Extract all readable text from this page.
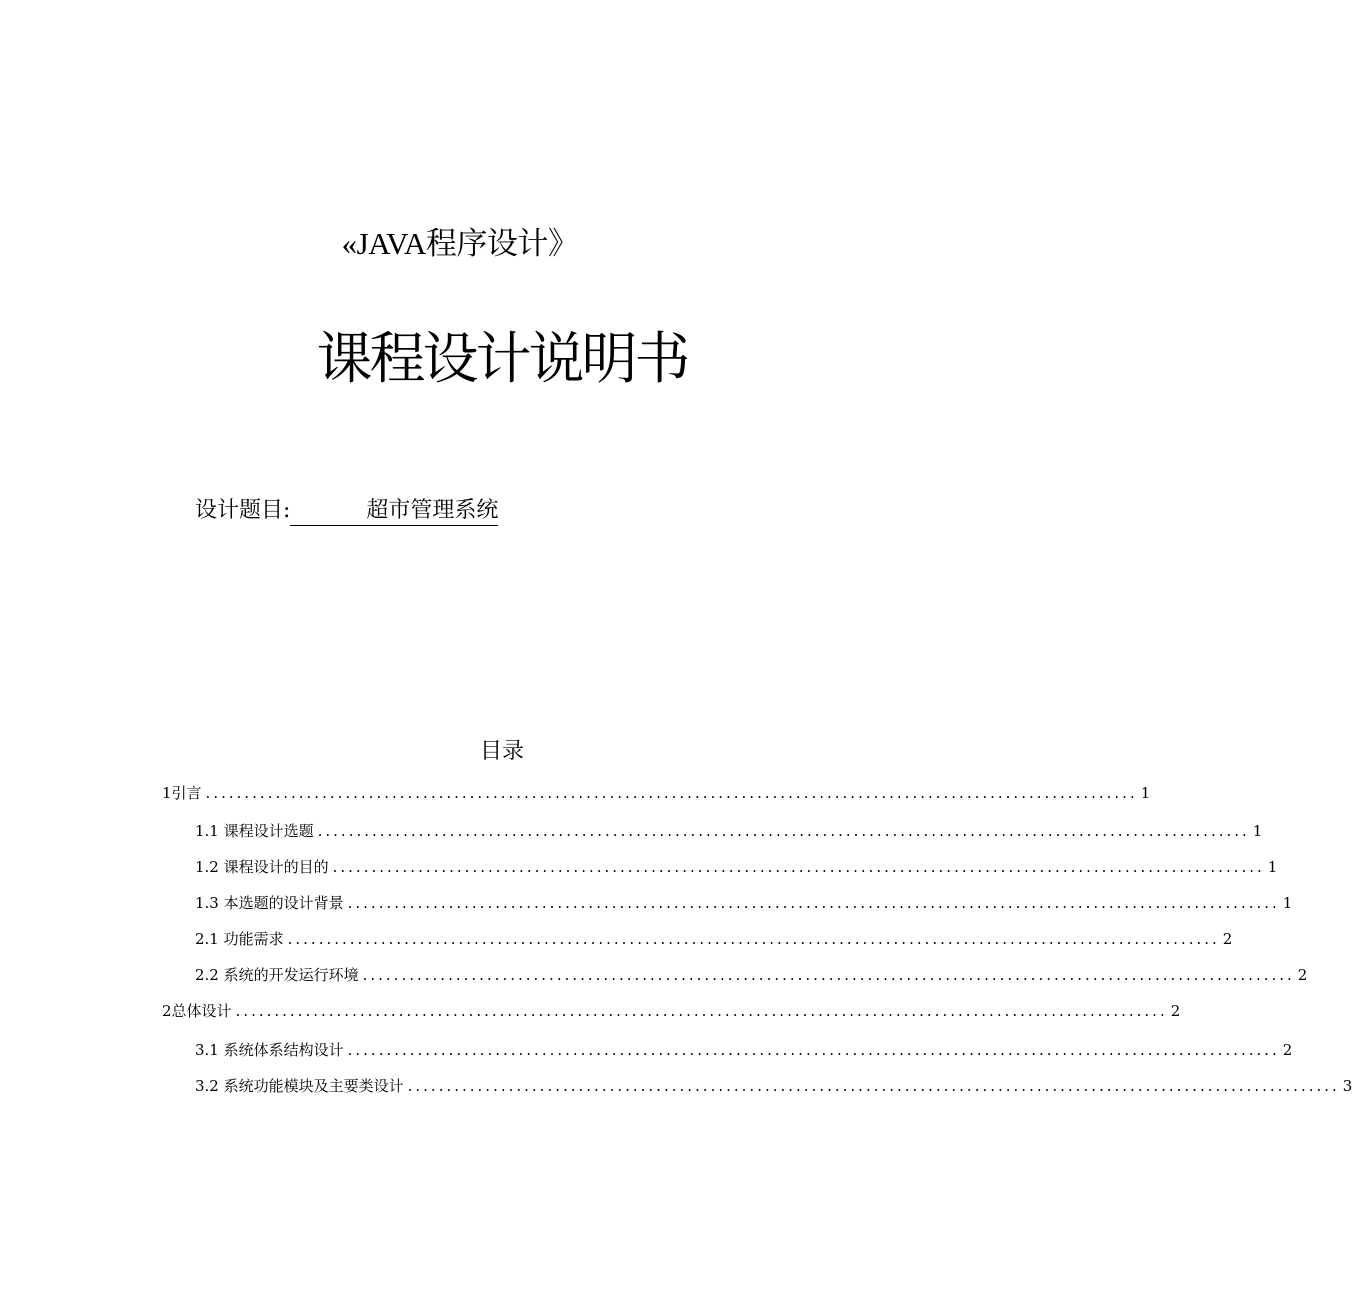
«JAVA程序设计》
课程设计说明书
设计题目:	超市管理系统
目录
1引言 ........................................................................................................................ 1
1.1 课程设计选题 ........................................................................................................................ 1
1.2 课程设计的目的 ........................................................................................................................ 1
1.3 本选题的设计背景 ........................................................................................................................ 1
2.1 功能需求 ........................................................................................................................ 2
2.2 系统的开发运行环境 ........................................................................................................................ 2
2总体设计 ........................................................................................................................ 2
3.1 系统体系结构设计 ........................................................................................................................ 2
3.2 系统功能模块及主要类设计 ........................................................................................................................ 3
